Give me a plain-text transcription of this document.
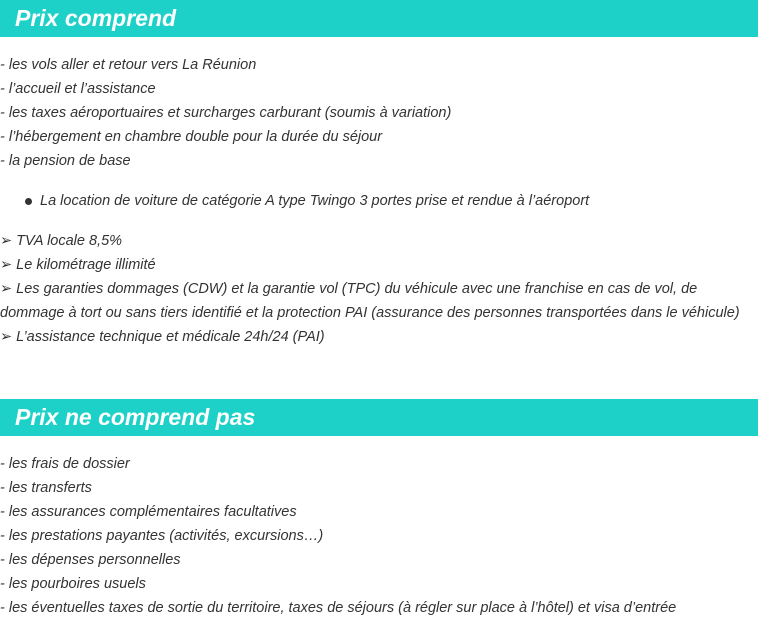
Prix comprend
- les vols aller et retour vers La Réunion
- l’accueil et l’assistance
- les taxes aéroportuaires et surcharges carburant (soumis à variation)
- l’hébergement en chambre double pour la durée du séjour
- la pension de base
La location de voiture de catégorie A type Twingo 3 portes prise et rendue à l’aéroport
➢ TVA locale 8,5%
➢ Le kilométrage illimité
➢ Les garanties dommages (CDW) et la garantie vol (TPC) du véhicule avec une franchise en cas de vol, de dommage à tort ou sans tiers identifié et la protection PAI (assurance des personnes transportées dans le véhicule)
➢ L’assistance technique et médicale 24h/24 (PAI)
Prix ne comprend pas
- les frais de dossier
- les transferts
- les assurances complémentaires facultatives
- les prestations payantes (activités, excursions…)
- les dépenses personnelles
- les pourboires usuels
- les éventuelles taxes de sortie du territoire, taxes de séjours (à régler sur place à l’hôtel) et visa d’entrée
